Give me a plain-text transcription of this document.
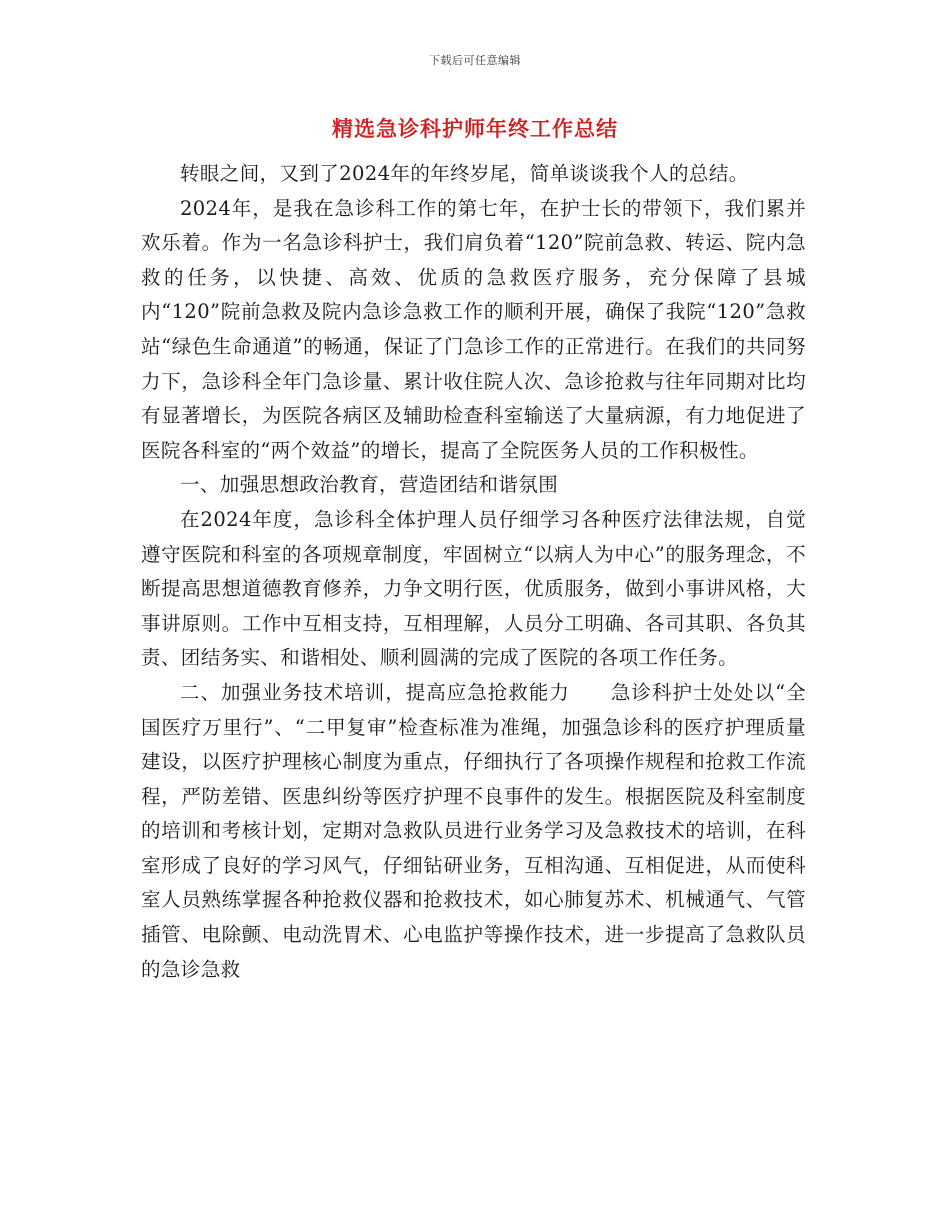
下载后可任意编辑
精选急诊科护师年终工作总结

转眼之间，又到了2024年的年终岁尾，简单谈谈我个人的总结。

2024年，是我在急诊科工作的第七年，在护士长的带领下，我们累并欢乐着。作为一名急诊科护士，我们肩负着“120”院前急救、转运、院内急救的任务，以快捷、高效、优质的急救医疗服务，充分保障了县城内“120”院前急救及院内急诊急救工作的顺利开展，确保了我院“120”急救站“绿色生命通道”的畅通，保证了门急诊工作的正常进行。在我们的共同努力下，急诊科全年门急诊量、累计收住院人次、急诊抢救与往年同期对比均有显著增长，为医院各病区及辅助检查科室输送了大量病源，有力地促进了医院各科室的“两个效益”的增长，提高了全院医务人员的工作积极性。

一、加强思想政治教育，营造团结和谐氛围

在2024年度，急诊科全体护理人员仔细学习各种医疗法律法规，自觉遵守医院和科室的各项规章制度，牢固树立“以病人为中心”的服务理念，不断提高思想道德教育修养，力争文明行医，优质服务，做到小事讲风格，大事讲原则。工作中互相支持，互相理解，人员分工明确、各司其职、各负其责、团结务实、和谐相处、顺利圆满的完成了医院的各项工作任务。

二、加强业务技术培训，提高应急抢救能力　　急诊科护士处处以“全国医疗万里行”、“二甲复审”检查标准为准绳，加强急诊科的医疗护理质量建设，以医疗护理核心制度为重点，仔细执行了各项操作规程和抢救工作流程，严防差错、医患纠纷等医疗护理不良事件的发生。根据医院及科室制度的培训和考核计划，定期对急救队员进行业务学习及急救技术的培训，在科室形成了良好的学习风气，仔细钻研业务，互相沟通、互相促进，从而使科室人员熟练掌握各种抢救仪器和抢救技术，如心肺复苏术、机械通气、气管插管、电除颤、电动洗胃术、心电监护等操作技术，进一步提高了急救队员的急诊急救
